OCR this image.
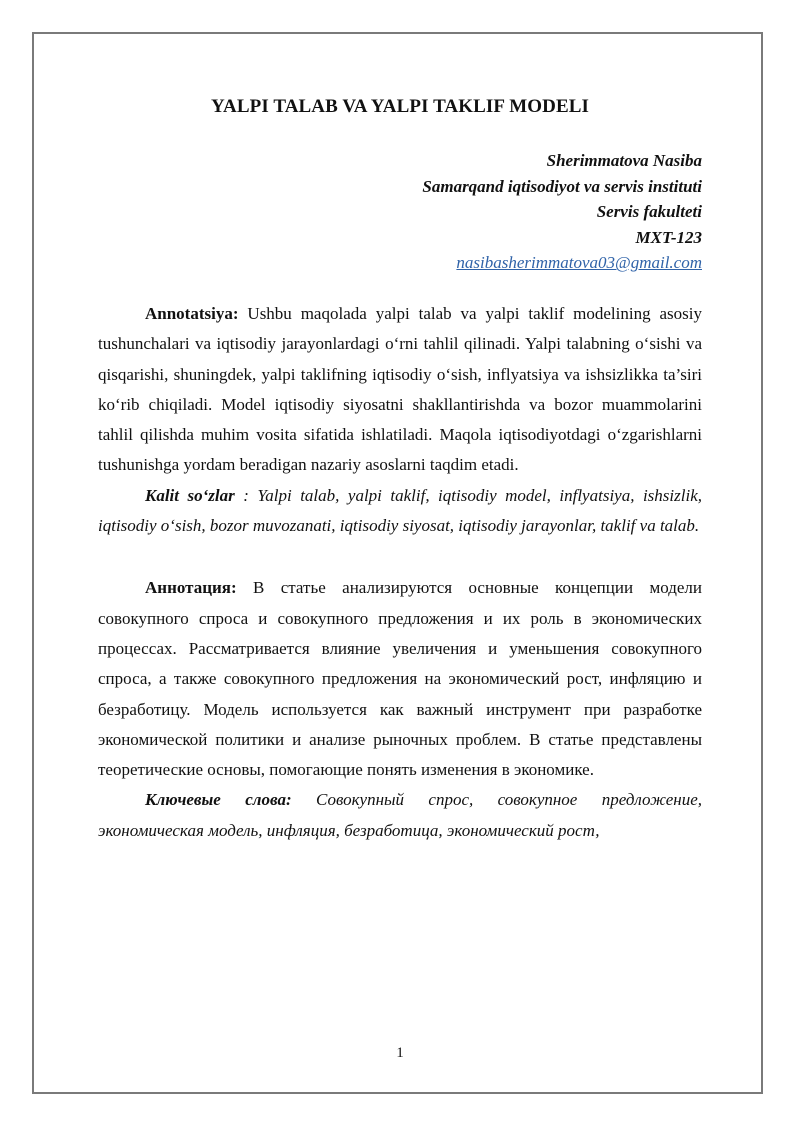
YALPI TALAB VA YALPI TAKLIF MODELI
Sherimmatova Nasiba
Samarqand iqtisodiyot va servis instituti
Servis fakulteti
MXT-123
nasibasherimmatova03@gmail.com

Annotatsiya: Ushbu maqolada yalpi talab va yalpi taklif modelining asosiy tushunchalari va iqtisodiy jarayonlardagi o‘rni tahlil qilinadi. Yalpi talabning o‘sishi va qisqarishi, shuningdek, yalpi taklifning iqtisodiy o‘sish, inflyatsiya va ishsizlikka ta’siri ko‘rib chiqiladi. Model iqtisodiy siyosatni shakllantirishda va bozor muammolarini tahlil qilishda muhim vosita sifatida ishlatiladi. Maqola iqtisodiyotdagi o‘zgarishlarni tushunishga yordam beradigan nazariy asoslarni taqdim etadi.

Kalit so‘zlar : Yalpi talab, yalpi taklif, iqtisodiy model, inflyatsiya, ishsizlik, iqtisodiy o‘sish, bozor muvozanati, iqtisodiy siyosat, iqtisodiy jarayonlar, taklif va talab.

Аннотация: В статье анализируются основные концепции модели совокупного спроса и совокупного предложения и их роль в экономических процессах. Рассматривается влияние увеличения и уменьшения совокупного спроса, а также совокупного предложения на экономический рост, инфляцию и безработицу. Модель используется как важный инструмент при разработке экономической политики и анализе рыночных проблем. В статье представлены теоретические основы, помогающие понять изменения в экономике.

Ключевые слова: Совокупный спрос, совокупное предложение, экономическая модель, инфляция, безработица, экономический рост,

1
